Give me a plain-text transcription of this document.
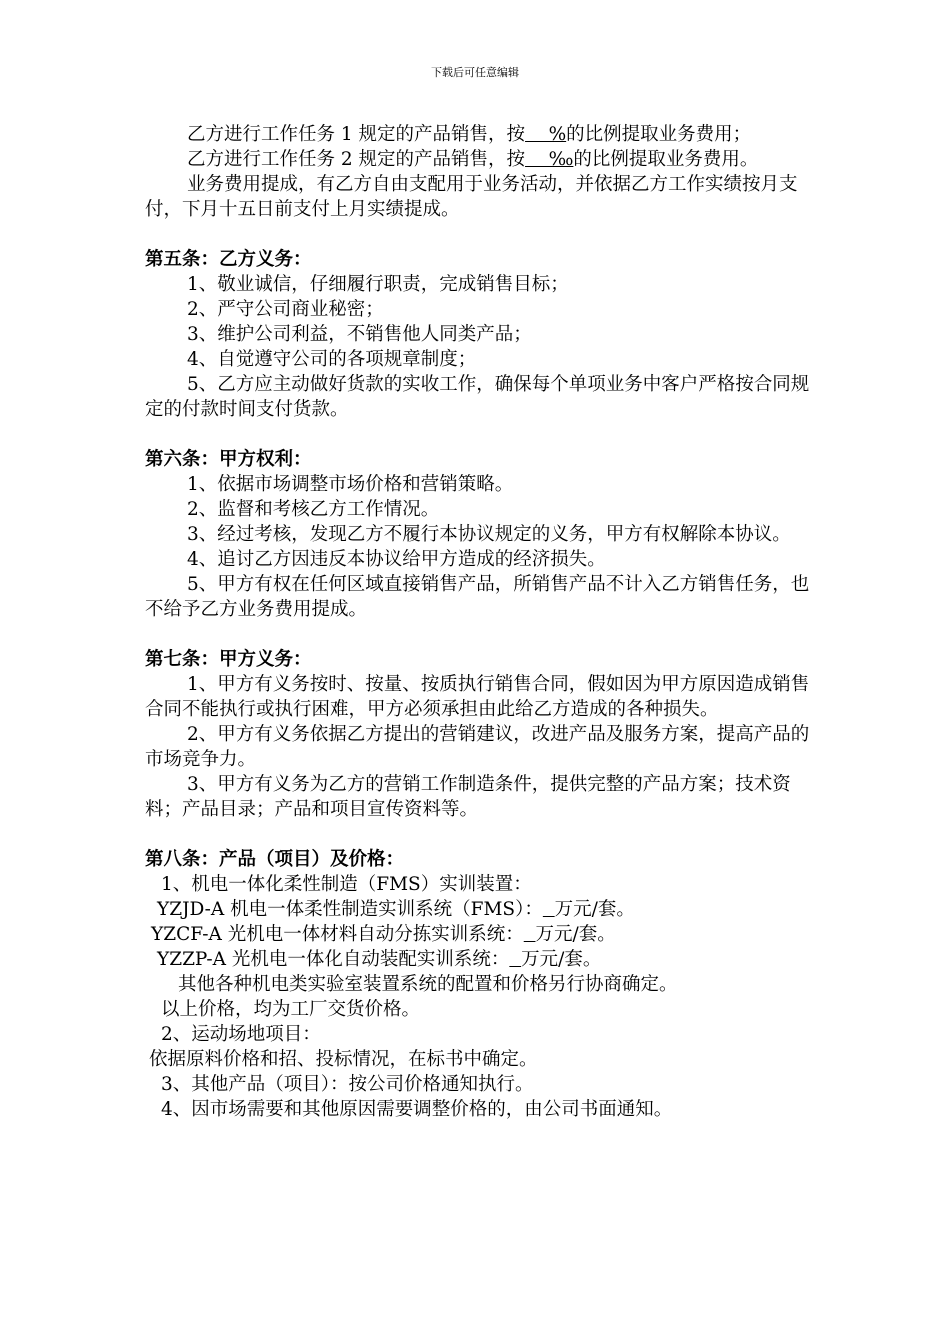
下载后可任意编辑

乙方进行工作任务 1 规定的产品销售，按    %的比例提取业务费用；

乙方进行工作任务 2 规定的产品销售，按    ‰的比例提取业务费用。

业务费用提成，有乙方自由支配用于业务活动，并依据乙方工作实绩按月支付，下月十五日前支付上月实绩提成。

第五条：乙方义务：

1、敬业诚信，仔细履行职责，完成销售目标；

2、严守公司商业秘密；

3、维护公司利益，不销售他人同类产品；

4、自觉遵守公司的各项规章制度；

5、乙方应主动做好货款的实收工作，确保每个单项业务中客户严格按合同规定的付款时间支付货款。

第六条：甲方权利：

1、依据市场调整市场价格和营销策略。

2、监督和考核乙方工作情况。

3、经过考核，发现乙方不履行本协议规定的义务，甲方有权解除本协议。

4、追讨乙方因违反本协议给甲方造成的经济损失。

5、甲方有权在任何区域直接销售产品，所销售产品不计入乙方销售任务，也不给予乙方业务费用提成。

第七条：甲方义务：

1、甲方有义务按时、按量、按质执行销售合同，假如因为甲方原因造成销售合同不能执行或执行困难，甲方必须承担由此给乙方造成的各种损失。

2、甲方有义务依据乙方提出的营销建议，改进产品及服务方案，提高产品的市场竞争力。

3、甲方有义务为乙方的营销工作制造条件，提供完整的产品方案；技术资料；产品目录；产品和项目宣传资料等。

第八条：产品（项目）及价格：

1、机电一体化柔性制造（FMS）实训装置：

YZJD-A 机电一体柔性制造实训系统（FMS）： 万元/套。

YZCF-A 光机电一体材料自动分拣实训系统： 万元/套。

YZZP-A 光机电一体化自动装配实训系统： 万元/套。

其他各种机电类实验室装置系统的配置和价格另行协商确定。

以上价格，均为工厂交货价格。

2、运动场地项目：

依据原料价格和招、投标情况，在标书中确定。

3、其他产品（项目）：按公司价格通知执行。

4、因市场需要和其他原因需要调整价格的，由公司书面通知。
